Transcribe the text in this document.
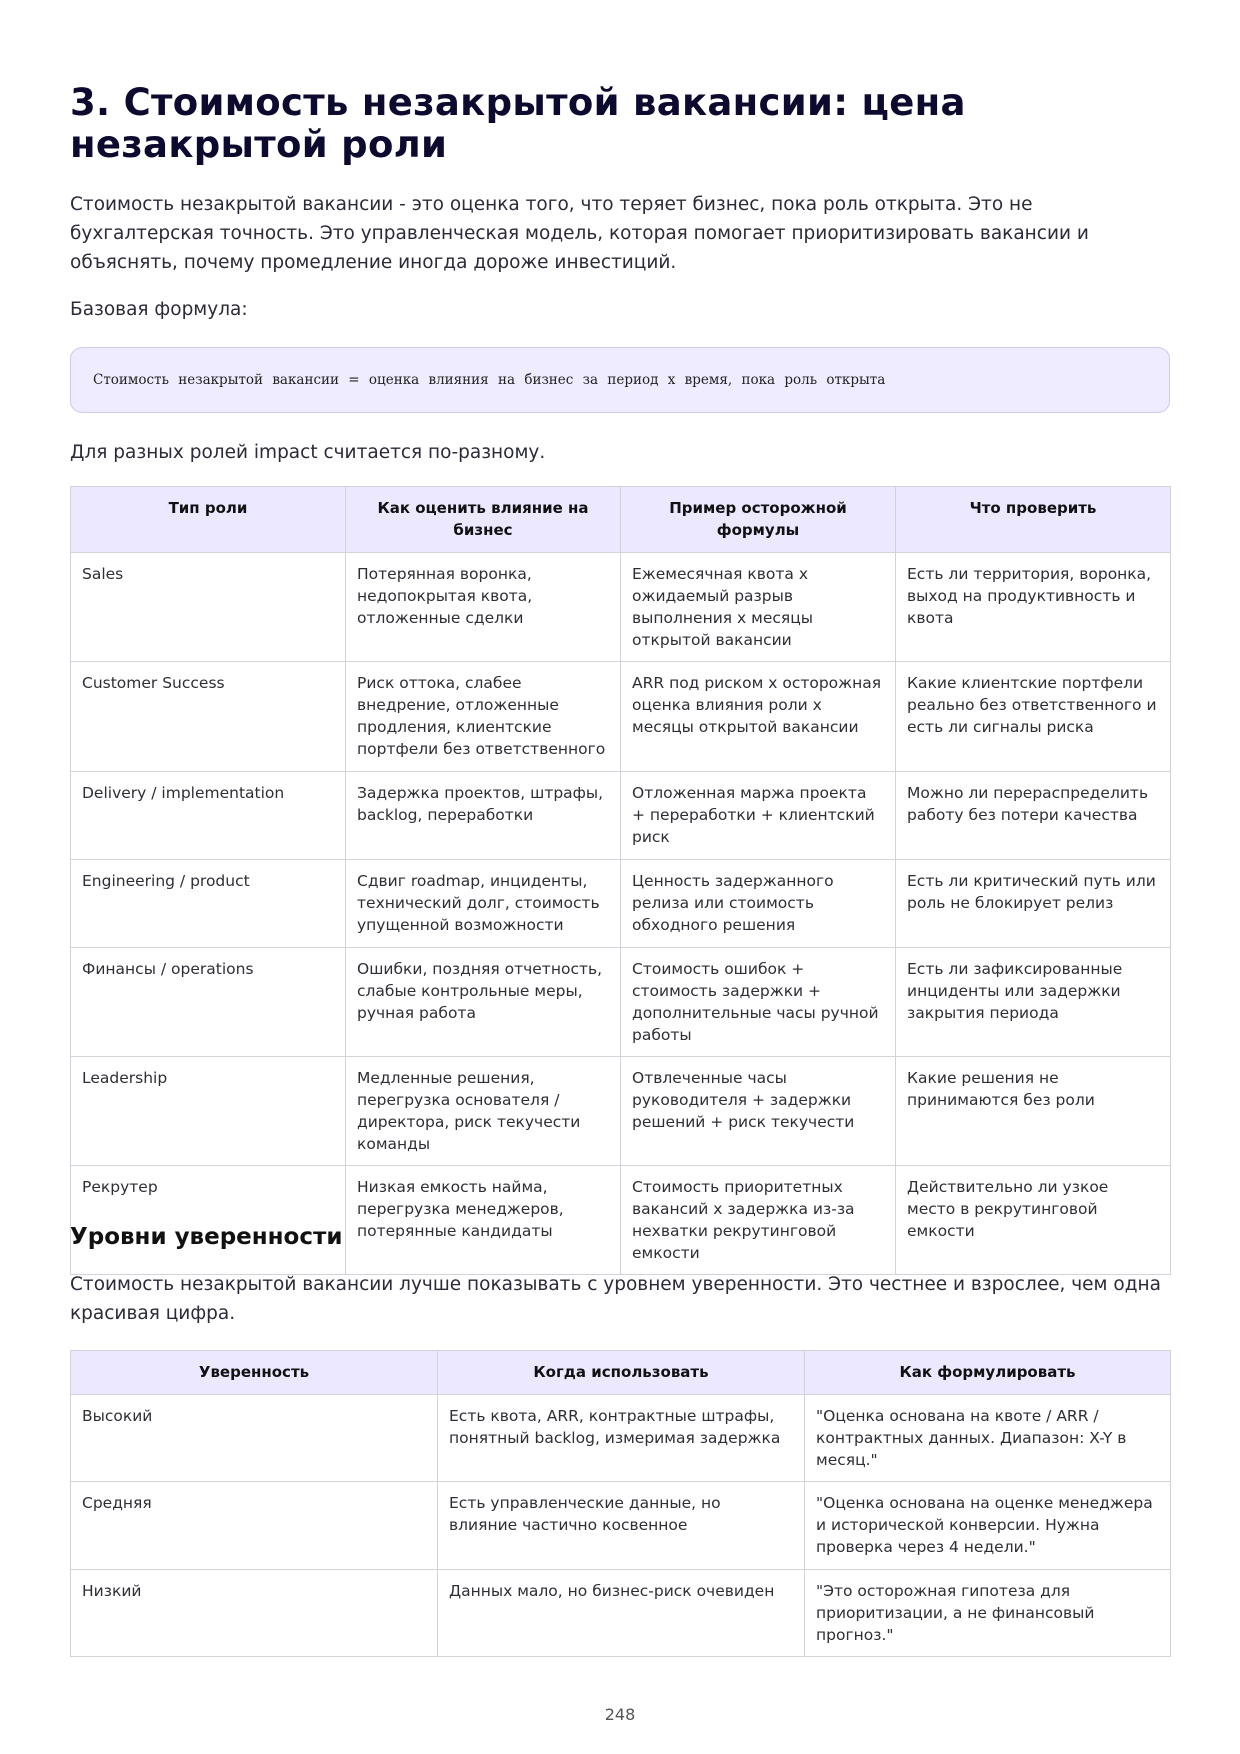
3. Стоимость незакрытой вакансии: цена незакрытой роли

Стоимость незакрытой вакансии - это оценка того, что теряет бизнес, пока роль открыта. Это не бухгалтерская точность. Это управленческая модель, которая помогает приоритизировать вакансии и объяснять, почему промедление иногда дороже инвестиций.

Базовая формула:

Стоимость незакрытой вакансии = оценка влияния на бизнес за период x время, пока роль открыта

Для разных ролей impact считается по-разному.

Тип роли	Как оценить влияние на бизнес	Пример осторожной формулы	Что проверить
Sales	Потерянная воронка, недопокрытая квота, отложенные сделки	Ежемесячная квота x ожидаемый разрыв выполнения x месяцы открытой вакансии	Есть ли территория, воронка, выход на продуктивность и квота
Customer Success	Риск оттока, слабее внедрение, отложенные продления, клиентские портфели без ответственного	ARR под риском x осторожная оценка влияния роли x месяцы открытой вакансии	Какие клиентские портфели реально без ответственного и есть ли сигналы риска
Delivery / implementation	Задержка проектов, штрафы, backlog, переработки	Отложенная маржа проекта + переработки + клиентский риск	Можно ли перераспределить работу без потери качества
Engineering / product	Сдвиг roadmap, инциденты, технический долг, стоимость упущенной возможности	Ценность задержанного релиза или стоимость обходного решения	Есть ли критический путь или роль не блокирует релиз
Финансы / operations	Ошибки, поздняя отчетность, слабые контрольные меры, ручная работа	Стоимость ошибок + стоимость задержки + дополнительные часы ручной работы	Есть ли зафиксированные инциденты или задержки закрытия периода
Leadership	Медленные решения, перегрузка основателя / директора, риск текучести команды	Отвлеченные часы руководителя + задержки решений + риск текучести	Какие решения не принимаются без роли
Рекрутер	Низкая емкость найма, перегрузка менеджеров, потерянные кандидаты	Стоимость приоритетных вакансий x задержка из-за нехватки рекрутинговой емкости	Действительно ли узкое место в рекрутинговой емкости
Уровни уверенности

Стоимость незакрытой вакансии лучше показывать с уровнем уверенности. Это честнее и взрослее, чем одна красивая цифра.

Уверенность	Когда использовать	Как формулировать
Высокий	Есть квота, ARR, контрактные штрафы, понятный backlog, измеримая задержка	"Оценка основана на квоте / ARR / контрактных данных. Диапазон: X-Y в месяц."
Средняя	Есть управленческие данные, но влияние частично косвенное	"Оценка основана на оценке менеджера и исторической конверсии. Нужна проверка через 4 недели."
Низкий	Данных мало, но бизнес-риск очевиден	"Это осторожная гипотеза для приоритизации, а не финансовый прогноз."
248
